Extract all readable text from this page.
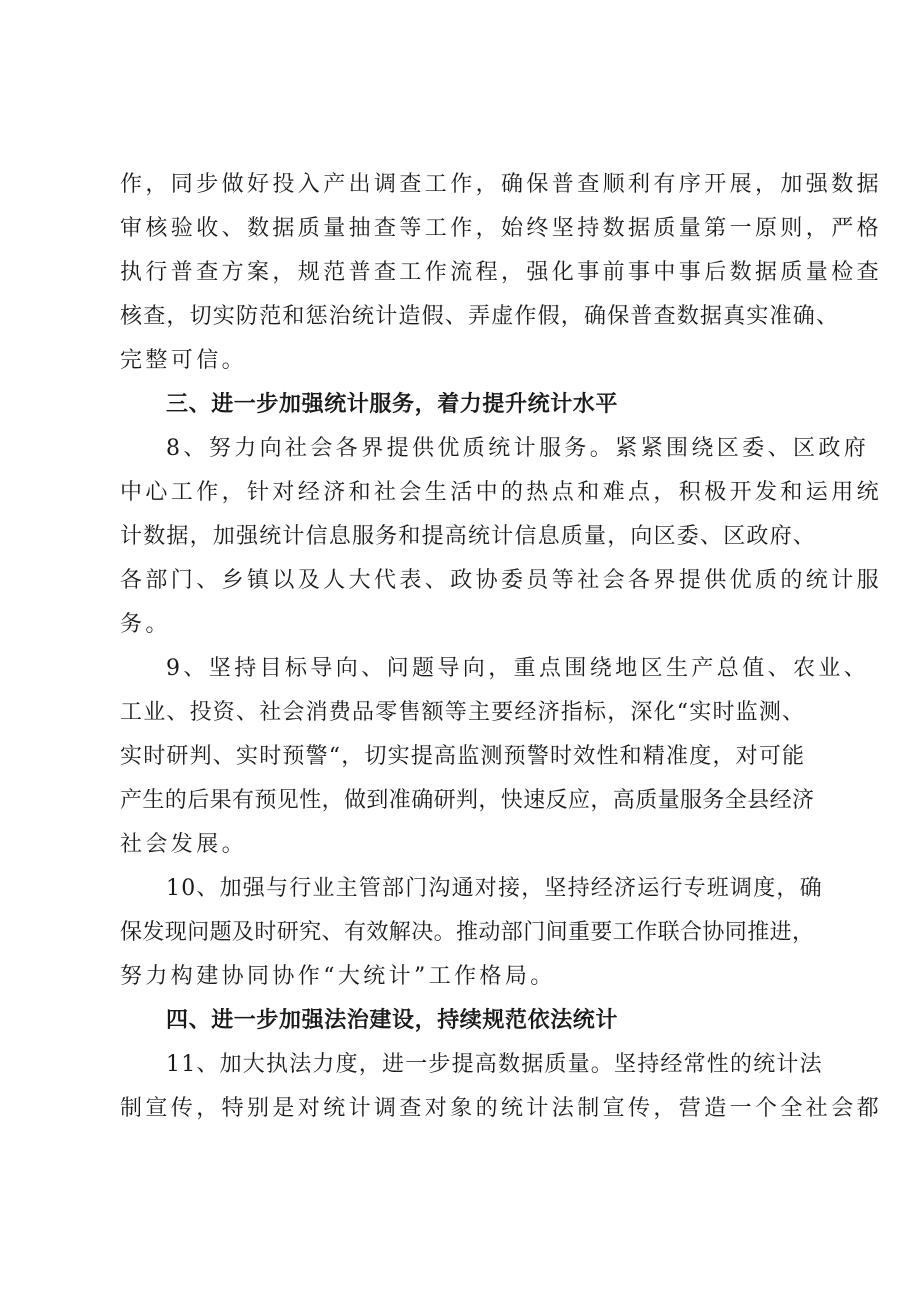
作，同步做好投入产出调查工作，确保普查顺利有序开展，加强数据
审核验收、数据质量抽查等工作，始终坚持数据质量第一原则，严格
执行普查方案，规范普查工作流程，强化事前事中事后数据质量检查
核查，切实防范和惩治统计造假、弄虚作假，确保普查数据真实准确、
完整可信。
三、进一步加强统计服务，着力提升统计水平
8、努力向社会各界提供优质统计服务。紧紧围绕区委、区政府
中心工作，针对经济和社会生活中的热点和难点，积极开发和运用统
计数据，加强统计信息服务和提高统计信息质量，向区委、区政府、
各部门、乡镇以及人大代表、政协委员等社会各界提供优质的统计服
务。
9、坚持目标导向、问题导向，重点围绕地区生产总值、农业、
工业、投资、社会消费品零售额等主要经济指标，深化“实时监测、
实时研判、实时预警“，切实提高监测预警时效性和精准度，对可能
产生的后果有预见性，做到准确研判，快速反应，高质量服务全县经济
社会发展。
10、加强与行业主管部门沟通对接，坚持经济运行专班调度，确
保发现问题及时研究、有效解决。推动部门间重要工作联合协同推进，
努力构建协同协作“大统计”工作格局。
四、进一步加强法治建设，持续规范依法统计
11、加大执法力度，进一步提高数据质量。坚持经常性的统计法
制宣传，特别是对统计调查对象的统计法制宣传，营造一个全社会都
